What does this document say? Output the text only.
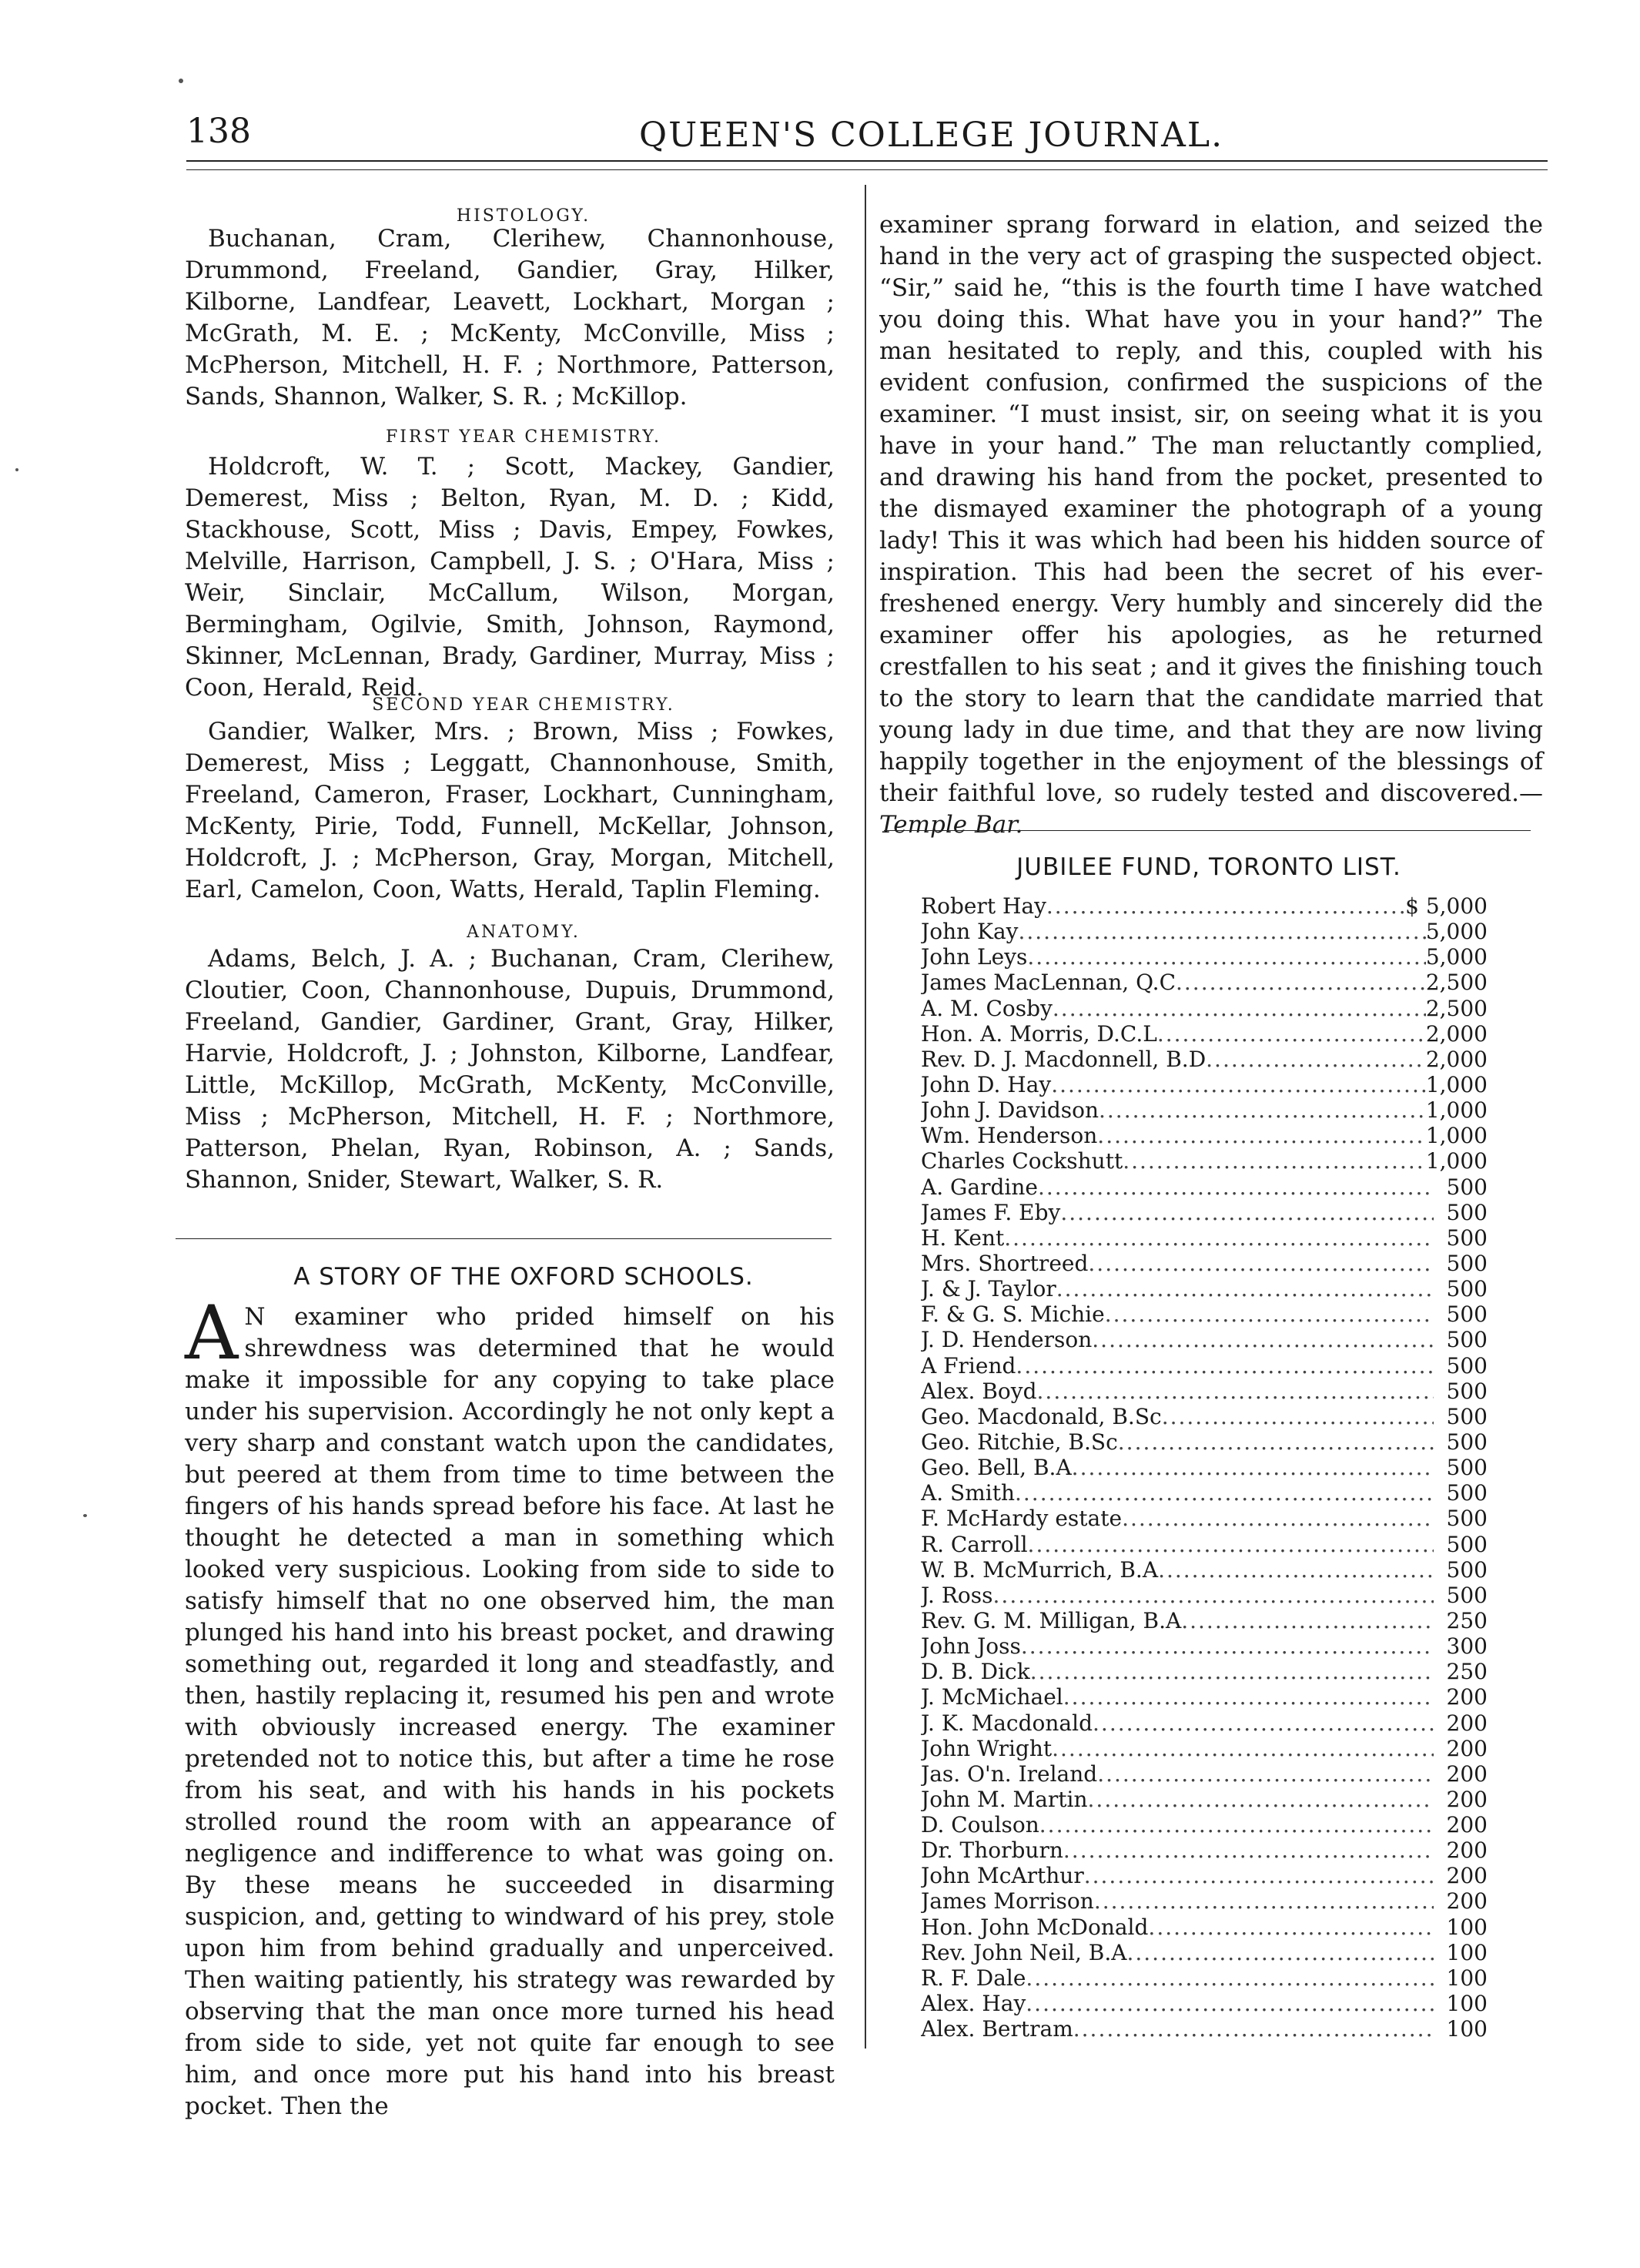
138	QUEEN'S COLLEGE JOURNAL.
HISTOLOGY.

Buchanan, Cram, Clerihew, Channonhouse, Drummond, Freeland, Gandier, Gray, Hilker, Kilborne, Landfear, Leavett, Lockhart, Morgan ; McGrath, M. E. ; McKenty, McConville, Miss ; McPherson, Mitchell, H. F. ; Northmore, Patterson, Sands, Shannon, Walker, S. R. ; McKillop.

FIRST YEAR CHEMISTRY.

Holdcroft, W. T. ; Scott, Mackey, Gandier, Demerest, Miss ; Belton, Ryan, M. D. ; Kidd, Stackhouse, Scott, Miss ; Davis, Empey, Fowkes, Melville, Harrison, Campbell, J. S. ; O'Hara, Miss ; Weir, Sinclair, McCallum, Wilson, Morgan, Bermingham, Ogilvie, Smith, Johnson, Raymond, Skinner, McLennan, Brady, Gardiner, Murray, Miss ; Coon, Herald, Reid.

SECOND YEAR CHEMISTRY.

Gandier, Walker, Mrs. ; Brown, Miss ; Fowkes, Demerest, Miss ; Leggatt, Channonhouse, Smith, Freeland, Cameron, Fraser, Lockhart, Cunningham, McKenty, Pirie, Todd, Funnell, McKellar, Johnson, Holdcroft, J. ; McPherson, Gray, Morgan, Mitchell, Earl, Camelon, Coon, Watts, Herald, Taplin Fleming.

ANATOMY.

Adams, Belch, J. A. ; Buchanan, Cram, Clerihew, Cloutier, Coon, Channonhouse, Dupuis, Drummond, Freeland, Gandier, Gardiner, Grant, Gray, Hilker, Harvie, Holdcroft, J. ; Johnston, Kilborne, Landfear, Little, McKillop, McGrath, McKenty, McConville, Miss ; McPherson, Mitchell, H. F. ; Northmore, Patterson, Phelan, Ryan, Robinson, A. ; Sands, Shannon, Snider, Stewart, Walker, S. R.

A STORY OF THE OXFORD SCHOOLS.
A N examiner who prided himself on his shrewdness was determined that he would make it impossible for any copying to take place under his supervision. Accordingly he not only kept a very sharp and constant watch upon the candidates, but peered at them from time to time between the fingers of his hands spread before his face. At last he thought he detected a man in something which looked very suspicious. Looking from side to side to satisfy himself that no one observed him, the man plunged his hand into his breast pocket, and drawing something out, regarded it long and steadfastly, and then, hastily replacing it, resumed his pen and wrote with obviously increased energy. The examiner pretended not to notice this, but after a time he rose from his seat, and with his hands in his pockets strolled round the room with an appearance of negligence and indifference to what was going on. By these means he succeeded in disarming suspicion, and, getting to windward of his prey, stole upon him from behind gradually and unperceived. Then waiting patiently, his strategy was rewarded by observing that the man once more turned his head from side to side, yet not quite far enough to see him, and once more put his hand into his breast pocket. Then the
examiner sprang forward in elation, and seized the hand in the very act of grasping the suspected object. “Sir,” said he, “this is the fourth time I have watched you doing this. What have you in your hand?” The man hesitated to reply, and this, coupled with his evident confusion, confirmed the suspicions of the examiner. “I must insist, sir, on seeing what it is you have in your hand.” The man reluctantly complied, and drawing his hand from the pocket, presented to the dismayed examiner the photograph of a young lady! This it was which had been his hidden source of inspiration. This had been the secret of his ever-freshened energy. Very humbly and sincerely did the examiner offer his apologies, as he returned crestfallen to his seat ; and it gives the finishing touch to the story to learn that the candidate married that young lady in due time, and that they are now living happily together in the enjoyment of the blessings of their faithful love, so rudely tested and discovered.— Temple Bar.
JUBILEE FUND, TORONTO LIST.
Robert Hay .....	$ 5,000
John Kay .....	5,000
John Leys .....	5,000
James MacLennan, Q.C .....	2,500
A. M. Cosby .....	2,500
Hon. A. Morris, D.C.L .....	2,000
Rev. D. J. Macdonnell, B.D .....	2,000
John D. Hay .....	1,000
John J. Davidson .....	1,000
Wm. Henderson .....	1,000
Charles Cockshutt .....	1,000
A. Gardine .....	500
James F. Eby .....	500
H. Kent .....	500
Mrs. Shortreed .....	500
J. & J. Taylor .....	500
F. & G. S. Michie .....	500
J. D. Henderson .....	500
A Friend .....	500
Alex. Boyd .....	500
Geo. Macdonald, B.Sc .....	500
Geo. Ritchie, B.Sc .....	500
Geo. Bell, B.A .....	500
A. Smith .....	500
F. McHardy estate .....	500
R. Carroll .....	500
W. B. McMurrich, B.A .....	500
J. Ross .....	500
Rev. G. M. Milligan, B.A .....	250
John Joss .....	300
D. B. Dick .....	250
J. McMichael .....	200
J. K. Macdonald .....	200
John Wright .....	200
Jas. O'n. Ireland .....	200
John M. Martin .....	200
D. Coulson .....	200
Dr. Thorburn .....	200
John McArthur .....	200
James Morrison .....	200
Hon. John McDonald .....	100
Rev. John Neil, B.A .....	100
R. F. Dale .....	100
Alex. Hay .....	100
Alex. Bertram .....	100
